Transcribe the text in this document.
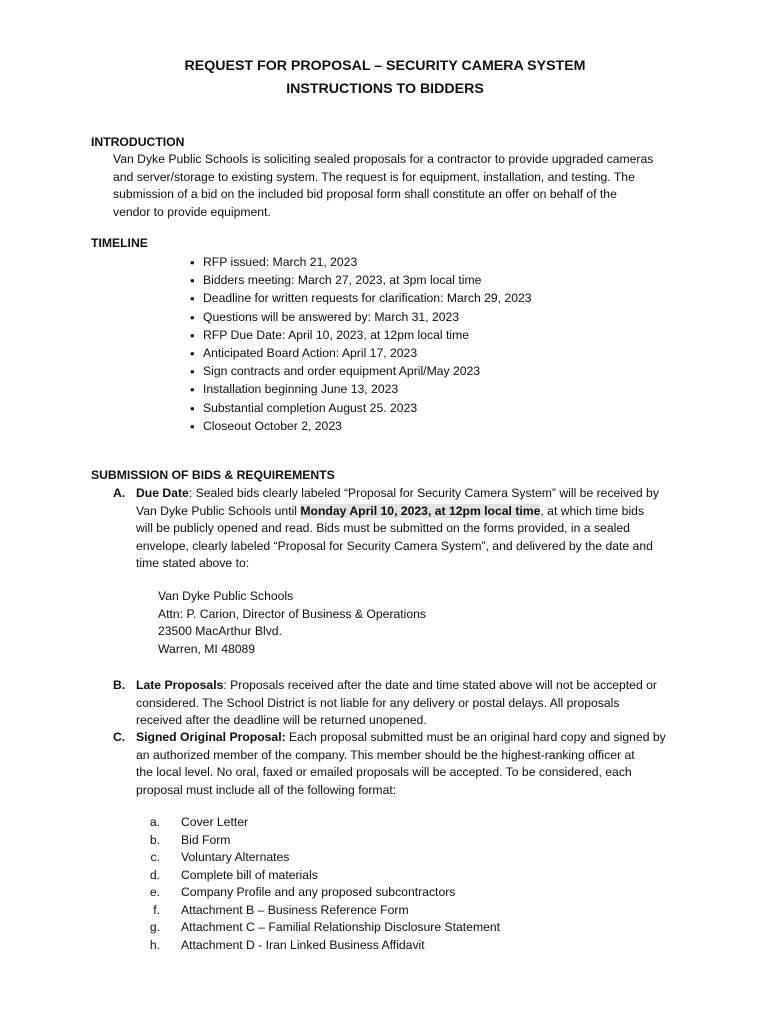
REQUEST FOR PROPOSAL – SECURITY CAMERA SYSTEM
INSTRUCTIONS TO BIDDERS
INTRODUCTION
Van Dyke Public Schools is soliciting sealed proposals for a contractor to provide upgraded cameras
and server/storage to existing system. The request is for equipment, installation, and testing. The
submission of a bid on the included bid proposal form shall constitute an offer on behalf of the
vendor to provide equipment.
TIMELINE
• RFP issued: March 21, 2023
• Bidders meeting: March 27, 2023, at 3pm local time
• Deadline for written requests for clarification: March 29, 2023
• Questions will be answered by: March 31, 2023
• RFP Due Date: April 10, 2023, at 12pm local time
• Anticipated Board Action: April 17, 2023
• Sign contracts and order equipment April/May 2023
• Installation beginning June 13, 2023
• Substantial completion August 25. 2023
• Closeout October 2, 2023
SUBMISSION OF BIDS & REQUIREMENTS
A. Due Date: Sealed bids clearly labeled “Proposal for Security Camera System” will be received by
Van Dyke Public Schools until Monday April 10, 2023, at 12pm local time, at which time bids
will be publicly opened and read. Bids must be submitted on the forms provided, in a sealed
envelope, clearly labeled “Proposal for Security Camera System”, and delivered by the date and
time stated above to:
Van Dyke Public Schools
Attn: P. Carion, Director of Business & Operations
23500 MacArthur Blvd.
Warren, MI 48089
B. Late Proposals: Proposals received after the date and time stated above will not be accepted or
considered. The School District is not liable for any delivery or postal delays. All proposals
received after the deadline will be returned unopened.
C. Signed Original Proposal: Each proposal submitted must be an original hard copy and signed by
an authorized member of the company. This member should be the highest-ranking officer at
the local level. No oral, faxed or emailed proposals will be accepted. To be considered, each
proposal must include all of the following format:
a. Cover Letter
b. Bid Form
c. Voluntary Alternates
d. Complete bill of materials
e. Company Profile and any proposed subcontractors
f. Attachment B – Business Reference Form
g. Attachment C – Familial Relationship Disclosure Statement
h. Attachment D - Iran Linked Business Affidavit
